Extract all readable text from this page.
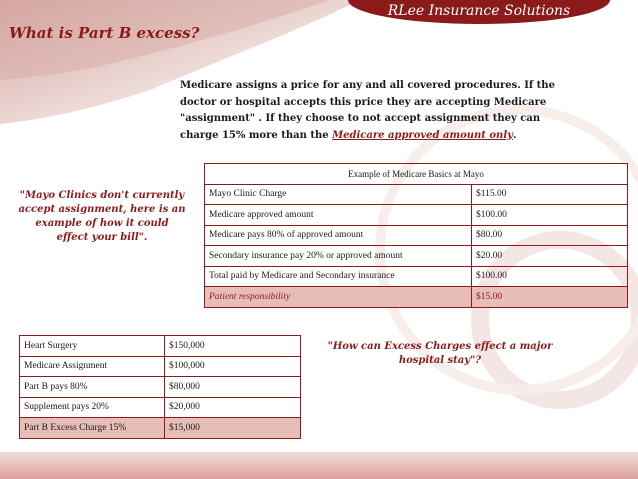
RLee Insurance Solutions
What is Part B excess?

Medicare assigns a price for any and all covered procedures. If the doctor or hospital accepts this price they are accepting Medicare "assignment" . If they choose to not accept assignment they can charge 15% more than the Medicare approved amount only.

"Mayo Clinics don't currently accept assignment, here is an example of how it could effect your bill".

Example of Medicare Basics at Mayo	
Mayo Clinic Charge	$115.00
Medicare approved amount	$100.00
Medicare pays 80% of approved amount	$80.00
Secondary insurance pay 20% or approved amount	$20.00
Total paid by Medicare and Secondary insurance	$100.00
Patient responsibility	$15.00
Heart Surgery	$150,000
Medicare Assignment	$100,000
Part B pays 80%	$80,000
Supplement pays 20%	$20,000
Part B Excess Charge 15%	$15,000

"How can Excess Charges effect a major hospital stay"?
